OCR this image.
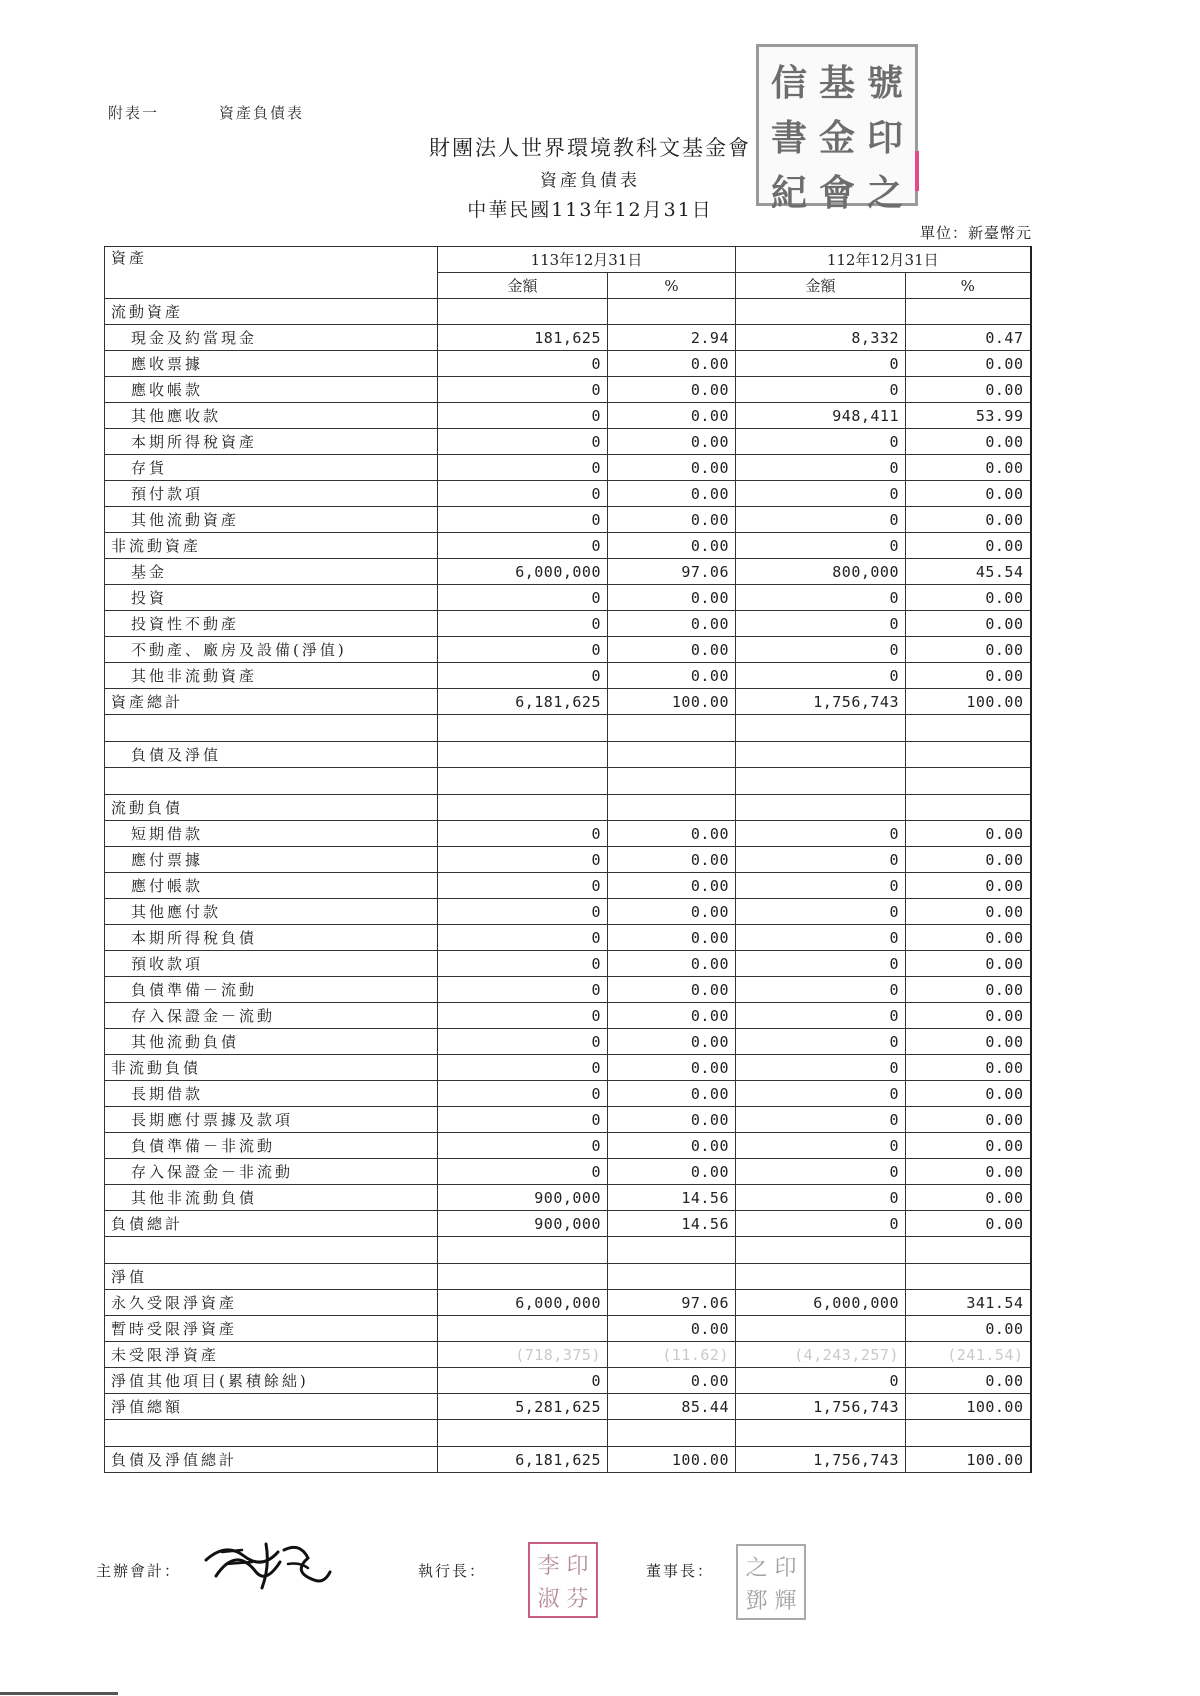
附表一	資產負債表
財團法人世界環境教科文基金會
資產負債表
中華民國113年12月31日
信 基 號
書 金 印
紀 會 之
單位：新臺幣元
資產	113年12月31日		112年12月31日	
	金額	%	金額	%
流動資產				
現金及約當現金	181,625	2.94	8,332	0.47
應收票據	0	0.00	0	0.00
應收帳款	0	0.00	0	0.00
其他應收款	0	0.00	948,411	53.99
本期所得稅資產	0	0.00	0	0.00
存貨	0	0.00	0	0.00
預付款項	0	0.00	0	0.00
其他流動資產	0	0.00	0	0.00
非流動資產	0	0.00	0	0.00
基金	6,000,000	97.06	800,000	45.54
投資	0	0.00	0	0.00
投資性不動產	0	0.00	0	0.00
不動產、廠房及設備(淨值)	0	0.00	0	0.00
其他非流動資產	0	0.00	0	0.00
資產總計	6,181,625	100.00	1,756,743	100.00

負債及淨值				

流動負債				
短期借款	0	0.00	0	0.00
應付票據	0	0.00	0	0.00
應付帳款	0	0.00	0	0.00
其他應付款	0	0.00	0	0.00
本期所得稅負債	0	0.00	0	0.00
預收款項	0	0.00	0	0.00
負債準備－流動	0	0.00	0	0.00
存入保證金－流動	0	0.00	0	0.00
其他流動負債	0	0.00	0	0.00
非流動負債	0	0.00	0	0.00
長期借款	0	0.00	0	0.00
長期應付票據及款項	0	0.00	0	0.00
負債準備－非流動	0	0.00	0	0.00
存入保證金－非流動	0	0.00	0	0.00
其他非流動負債	900,000	14.56	0	0.00
負債總計	900,000	14.56	0	0.00

淨值				
永久受限淨資產	6,000,000	97.06	6,000,000	341.54
暫時受限淨資產		0.00		0.00
未受限淨資產	(718,375)	(11.62)	(4,243,257)	(241.54)
淨值其他項目(累積餘絀)	0	0.00	0	0.00
淨值總額	5,281,625	85.44	1,756,743	100.00

負債及淨值總計	6,181,625	100.00	1,756,743	100.00
主辦會計：	執行長： 李 印
淑 芬
董事長： 之 印
鄧 輝
